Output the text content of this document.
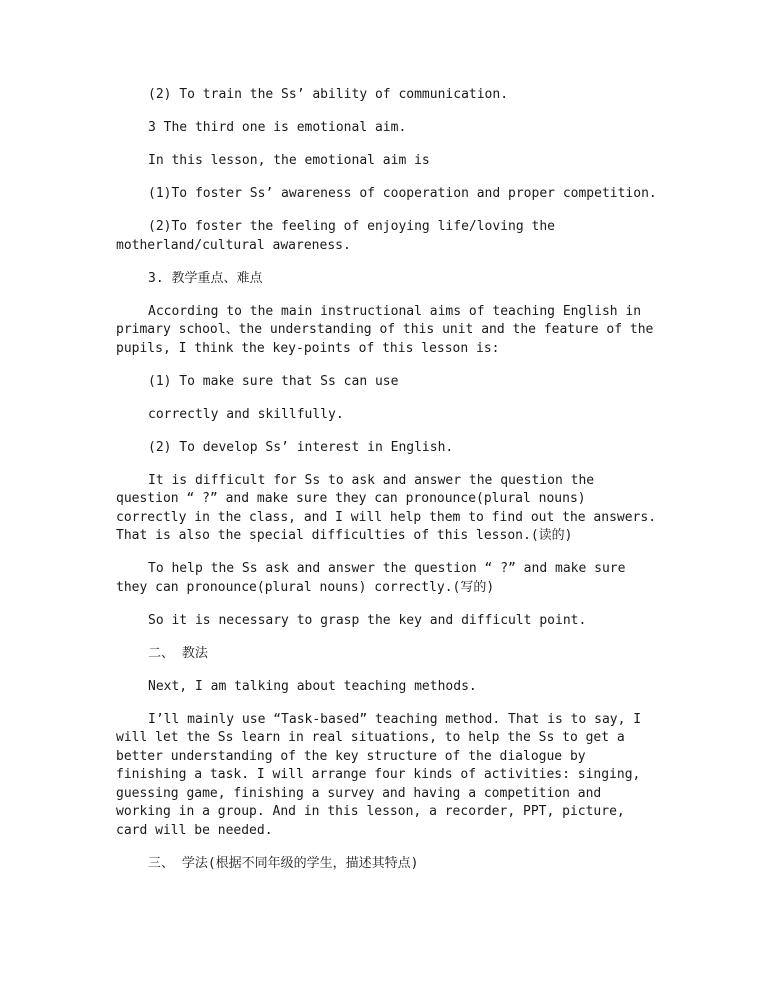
(2) To train the Ss’ ability of communication.

3 The third one is emotional aim.

In this lesson, the emotional aim is

(1)To foster Ss’ awareness of cooperation and proper competition.

(2)To foster the feeling of enjoying life/loving the motherland/cultural awareness.

3. 教学重点、难点

According to the main instructional aims of teaching English in primary school、the understanding of this unit and the feature of the pupils, I think the key-points of this lesson is:

(1) To make sure that Ss can use

correctly and skillfully.

(2) To develop Ss’ interest in English.

It is difficult for Ss to ask and answer the question the question “ ?” and make sure they can pronounce(plural nouns) correctly in the class, and I will help them to find out the answers. That is also the special difficulties of this lesson.(读的)

To help the Ss ask and answer the question “ ?” and make sure they can pronounce(plural nouns) correctly.(写的)

So it is necessary to grasp the key and difficult point.

二、 教法

Next, I am talking about teaching methods.

I’ll mainly use “Task-based” teaching method. That is to say, I will let the Ss learn in real situations, to help the Ss to get a better understanding of the key structure of the dialogue by finishing a task. I will arrange four kinds of activities: singing, guessing game, finishing a survey and having a competition and working in a group. And in this lesson, a recorder, PPT, picture, card will be needed.

三、 学法(根据不同年级的学生，描述其特点)
